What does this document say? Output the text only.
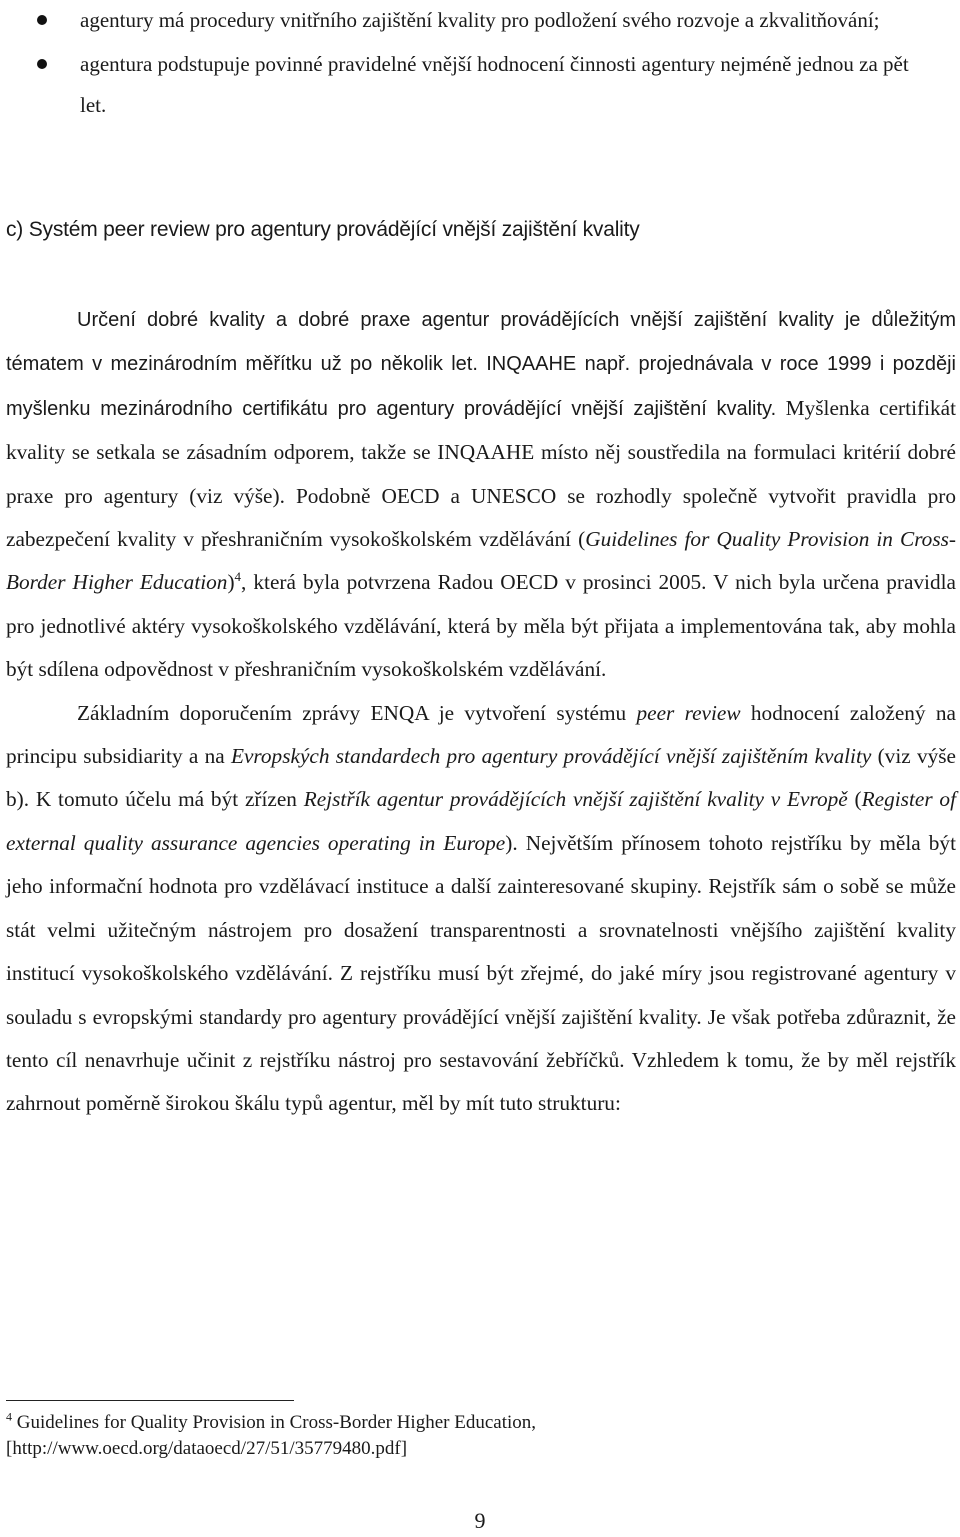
agentury má procedury vnitřního zajištění kvality pro podložení svého rozvoje a zkvalitňování;
agentura podstupuje povinné pravidelné vnější hodnocení činnosti agentury nejméně jednou za pět let.
c) Systém peer review pro agentury provádějící vnější zajištění kvality

Určení dobré kvality a dobré praxe agentur provádějících vnější zajištění kvality je důležitým tématem v mezinárodním měřítku už po několik let. INQAAHE např. projednávala v roce 1999 i později myšlenku mezinárodního certifikátu pro agentury provádějící vnější zajištění kvality. Myšlenka certifikát kvality se setkala se zásadním odporem, takže se INQAAHE místo něj soustředila na formulaci kritérií dobré praxe pro agentury (viz výše). Podobně OECD a UNESCO se rozhodly společně vytvořit pravidla pro zabezpečení kvality v přeshraničním vysokoškolském vzdělávání (Guidelines for Quality Provision in Cross-Border Higher Education)$^4$, která byla potvrzena Radou OECD v prosinci 2005. V nich byla určena pravidla pro jednotlivé aktéry vysokoškolského vzdělávání, která by měla být přijata a implementována tak, aby mohla být sdílena odpovědnost v přeshraničním vysokoškolském vzdělávání.

Základním doporučením zprávy ENQA je vytvoření systému peer review hodnocení založený na principu subsidiarity a na Evropských standardech pro agentury provádějící vnější zajištěním kvality (viz výše b). K tomuto účelu má být zřízen Rejstřík agentur provádějících vnější zajištění kvality v Evropě (Register of external quality assurance agencies operating in Europe). Největším přínosem tohoto rejstříku by měla být jeho informační hodnota pro vzdělávací instituce a další zainteresované skupiny. Rejstřík sám o sobě se může stát velmi užitečným nástrojem pro dosažení transparentnosti a srovnatelnosti vnějšího zajištění kvality institucí vysokoškolského vzdělávání. Z rejstříku musí být zřejmé, do jaké míry jsou registrované agentury v souladu s evropskými standardy pro agentury provádějící vnější zajištění kvality. Je však potřeba zdůraznit, že tento cíl nenavrhuje učinit z rejstříku nástroj pro sestavování žebříčků. Vzhledem k tomu, že by měl rejstřík zahrnout poměrně širokou škálu typů agentur, měl by mít tuto strukturu:

$^4$ Guidelines for Quality Provision in Cross-Border Higher Education,
[http://www.oecd.org/dataoecd/27/51/35779480.pdf]
9
